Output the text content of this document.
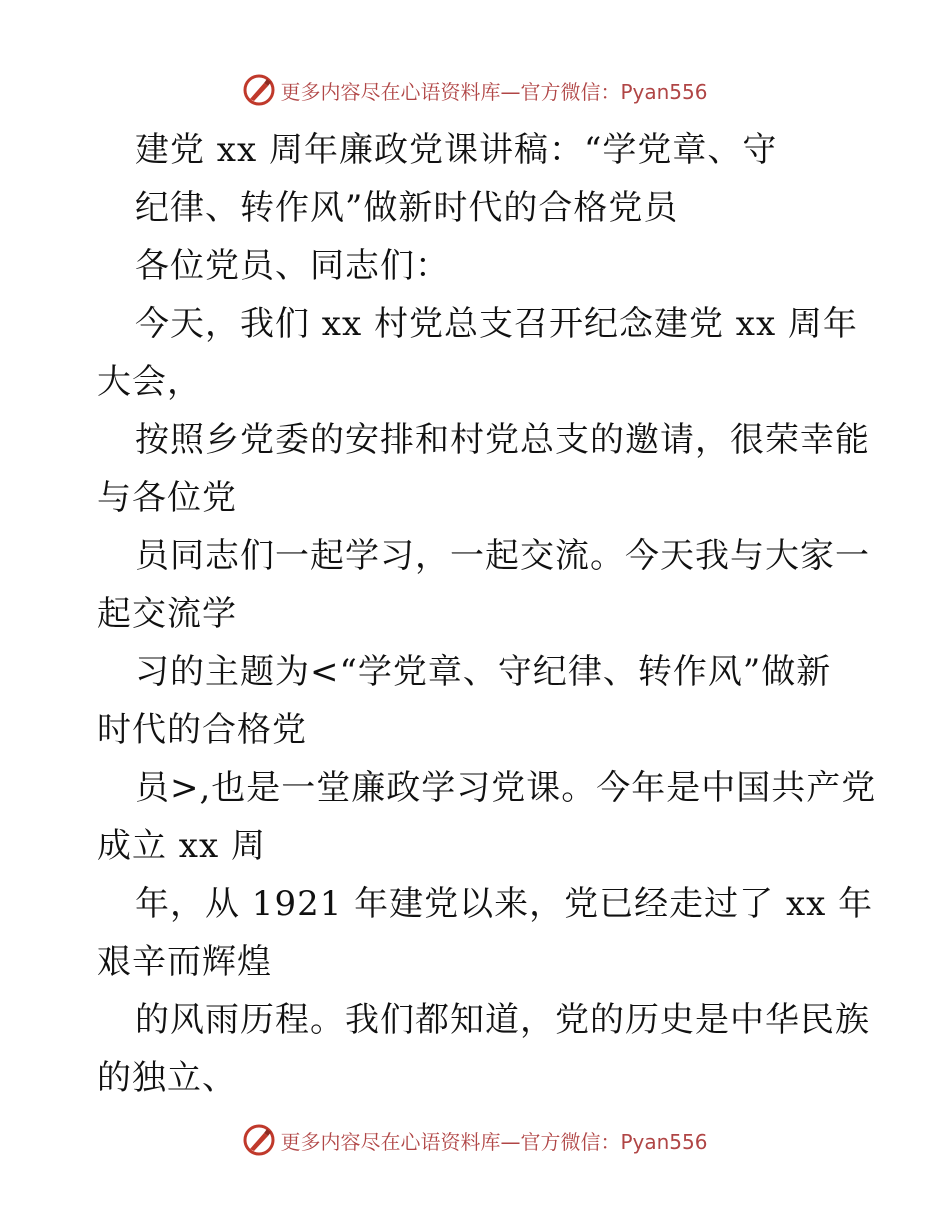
更多内容尽在心语资料库—官方微信：Pyan556
建党 xx 周年廉政党课讲稿：“学党章、守
纪律、转作风”做新时代的合格党员
各位党员、同志们：
今天，我们 xx 村党总支召开纪念建党 xx 周年
大会，
按照乡党委的安排和村党总支的邀请，很荣幸能
与各位党
员同志们一起学习，一起交流。今天我与大家一
起交流学
习的主题为<“学党章、守纪律、转作风”做新
时代的合格党
员>,也是一堂廉政学习党课。今年是中国共产党
成立 xx 周
年，从 1921 年建党以来，党已经走过了 xx 年
艰辛而辉煌
的风雨历程。我们都知道，党的历史是中华民族
的独立、
更多内容尽在心语资料库—官方微信：Pyan556
